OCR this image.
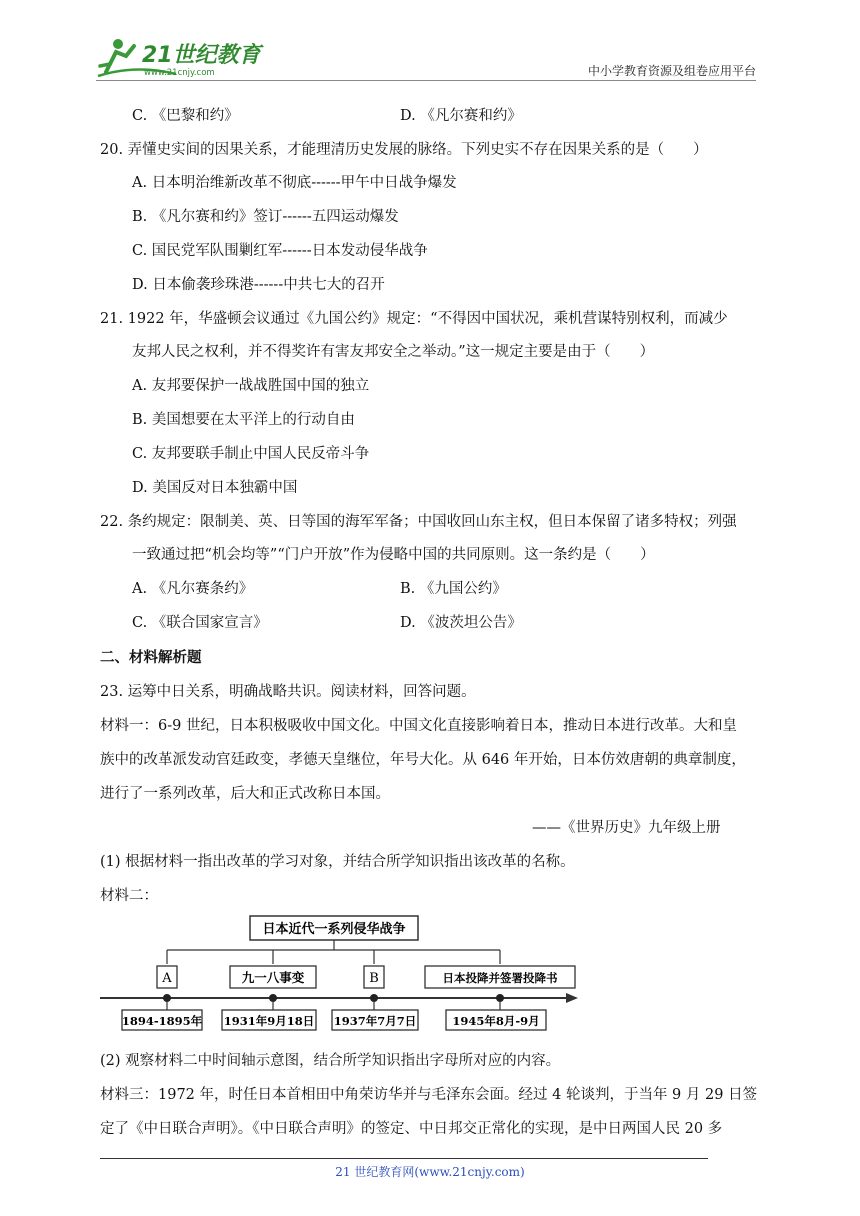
21世纪教育
www.21cnjy.com	中小学教育资源及组卷应用平台
C. 《巴黎和约》	D. 《凡尔赛和约》
20. 弄懂史实间的因果关系，才能理清历史发展的脉络。下列史实不存在因果关系的是（　　）
A. 日本明治维新改革不彻底------甲午中日战争爆发
B. 《凡尔赛和约》签订------五四运动爆发
C. 国民党军队围剿红军------日本发动侵华战争
D. 日本偷袭珍珠港------中共七大的召开
21. 1922 年，华盛顿会议通过《九国公约》规定：“不得因中国状况，乘机营谋特别权利，而减少
友邦人民之权利，并不得奖许有害友邦安全之举动。”这一规定主要是由于（　　）
A. 友邦要保护一战战胜国中国的独立
B. 美国想要在太平洋上的行动自由
C. 友邦要联手制止中国人民反帝斗争
D. 美国反对日本独霸中国
22. 条约规定：限制美、英、日等国的海军军备；中国收回山东主权，但日本保留了诸多特权；列强
一致通过把“机会均等”“门户开放”作为侵略中国的共同原则。这一条约是（　　）
A. 《凡尔赛条约》	B. 《九国公约》
C. 《联合国家宣言》	D. 《波茨坦公告》
二、材料解析题
23. 运筹中日关系，明确战略共识。阅读材料，回答问题。
材料一：6-9 世纪，日本积极吸收中国文化。中国文化直接影响着日本，推动日本进行改革。大和皇
族中的改革派发动宫廷政变，孝德天皇继位，年号大化。从 646 年开始，日本仿效唐朝的典章制度，
进行了一系列改革，后大和正式改称日本国。
——《世界历史》九年级上册
(1) 根据材料一指出改革的学习对象，并结合所学知识指出该改革的名称。
材料二：
(2) 观察材料二中时间轴示意图，结合所学知识指出字母所对应的内容。
材料三：1972 年，时任日本首相田中角荣访华并与毛泽东会面。经过 4 轮谈判，于当年 9 月 29 日签
定了《中日联合声明》。《中日联合声明》的签定、中日邦交正常化的实现，是中日两国人民 20 多
日本近代一系列侵华战争
A	九一八事变	B	日本投降并签署投降书
1894-1895年 1931年9月18日 1937年7月7日	1945年8月-9月
21 世纪教育网(www.21cnjy.com)
